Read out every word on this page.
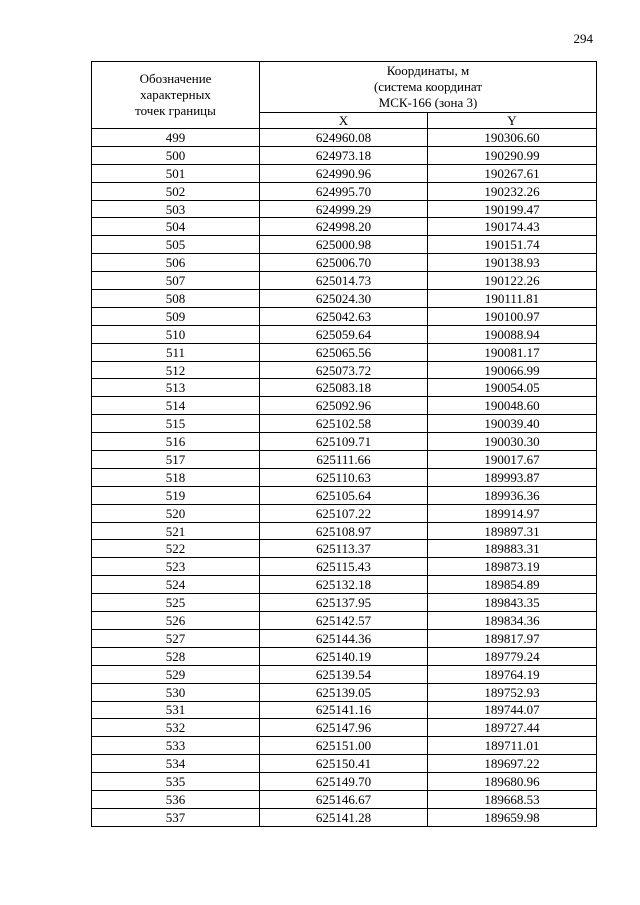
294
Обозначение
характерных
точек границы	Координаты, м
(система координат
МСК-166 (зона 3)	

	X	Y
499	624960.08	190306.60
500	624973.18	190290.99
501	624990.96	190267.61
502	624995.70	190232.26
503	624999.29	190199.47
504	624998.20	190174.43
505	625000.98	190151.74
506	625006.70	190138.93
507	625014.73	190122.26
508	625024.30	190111.81
509	625042.63	190100.97
510	625059.64	190088.94
511	625065.56	190081.17
512	625073.72	190066.99
513	625083.18	190054.05
514	625092.96	190048.60
515	625102.58	190039.40
516	625109.71	190030.30
517	625111.66	190017.67
518	625110.63	189993.87
519	625105.64	189936.36
520	625107.22	189914.97
521	625108.97	189897.31
522	625113.37	189883.31
523	625115.43	189873.19
524	625132.18	189854.89
525	625137.95	189843.35
526	625142.57	189834.36
527	625144.36	189817.97
528	625140.19	189779.24
529	625139.54	189764.19
530	625139.05	189752.93
531	625141.16	189744.07
532	625147.96	189727.44
533	625151.00	189711.01
534	625150.41	189697.22
535	625149.70	189680.96
536	625146.67	189668.53
537	625141.28	189659.98
